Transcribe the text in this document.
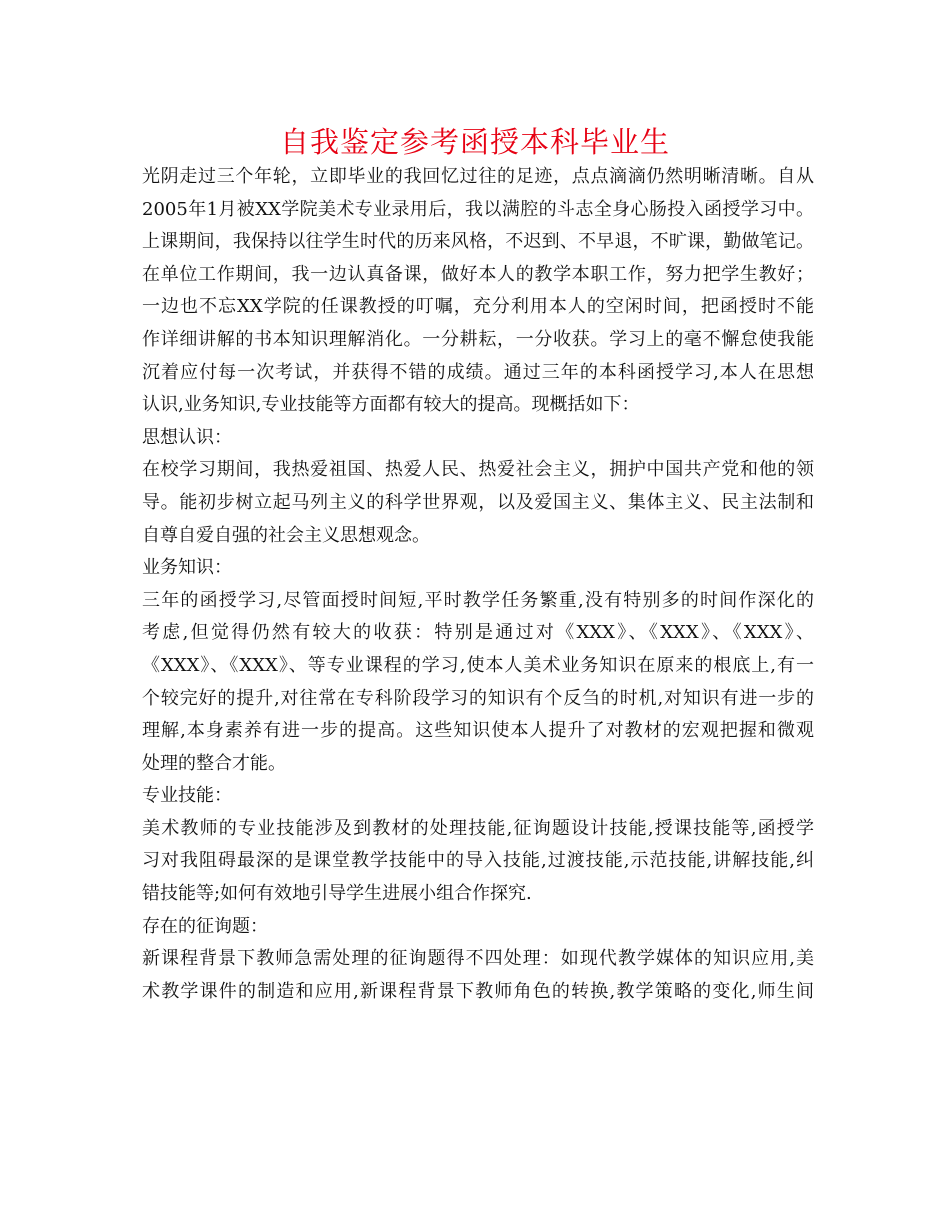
自我鉴定参考函授本科毕业生
光阴走过三个年轮，立即毕业的我回忆过往的足迹，点点滴滴仍然明晰清晰。自从
2005年1月被XX学院美术专业录用后，我以满腔的斗志全身心肠投入函授学习中。
上课期间，我保持以往学生时代的历来风格，不迟到、不早退，不旷课，勤做笔记。
在单位工作期间，我一边认真备课，做好本人的教学本职工作，努力把学生教好；
一边也不忘XX学院的任课教授的叮嘱，充分利用本人的空闲时间，把函授时不能
作详细讲解的书本知识理解消化。一分耕耘，一分收获。学习上的毫不懈怠使我能
沉着应付每一次考试，并获得不错的成绩。通过三年的本科函授学习,本人在思想
认识,业务知识,专业技能等方面都有较大的提高。现概括如下：
思想认识：
在校学习期间，我热爱祖国、热爱人民、热爱社会主义，拥护中国共产党和他的领
导。能初步树立起马列主义的科学世界观，以及爱国主义、集体主义、民主法制和
自尊自爱自强的社会主义思想观念。
业务知识：
三年的函授学习,尽管面授时间短,平时教学任务繁重,没有特别多的时间作深化的
考虑,但觉得仍然有较大的收获：特别是通过对《XXX》、《XXX》、《XXX》、
《XXX》、《XXX》、等专业课程的学习,使本人美术业务知识在原来的根底上,有一
个较完好的提升,对往常在专科阶段学习的知识有个反刍的时机,对知识有进一步的
理解,本身素养有进一步的提高。这些知识使本人提升了对教材的宏观把握和微观
处理的整合才能。
专业技能：
美术教师的专业技能涉及到教材的处理技能,征询题设计技能,授课技能等,函授学
习对我阻碍最深的是课堂教学技能中的导入技能,过渡技能,示范技能,讲解技能,纠
错技能等;如何有效地引导学生进展小组合作探究.
存在的征询题：
新课程背景下教师急需处理的征询题得不四处理：如现代教学媒体的知识应用,美
术教学课件的制造和应用,新课程背景下教师角色的转换,教学策略的变化,师生间
